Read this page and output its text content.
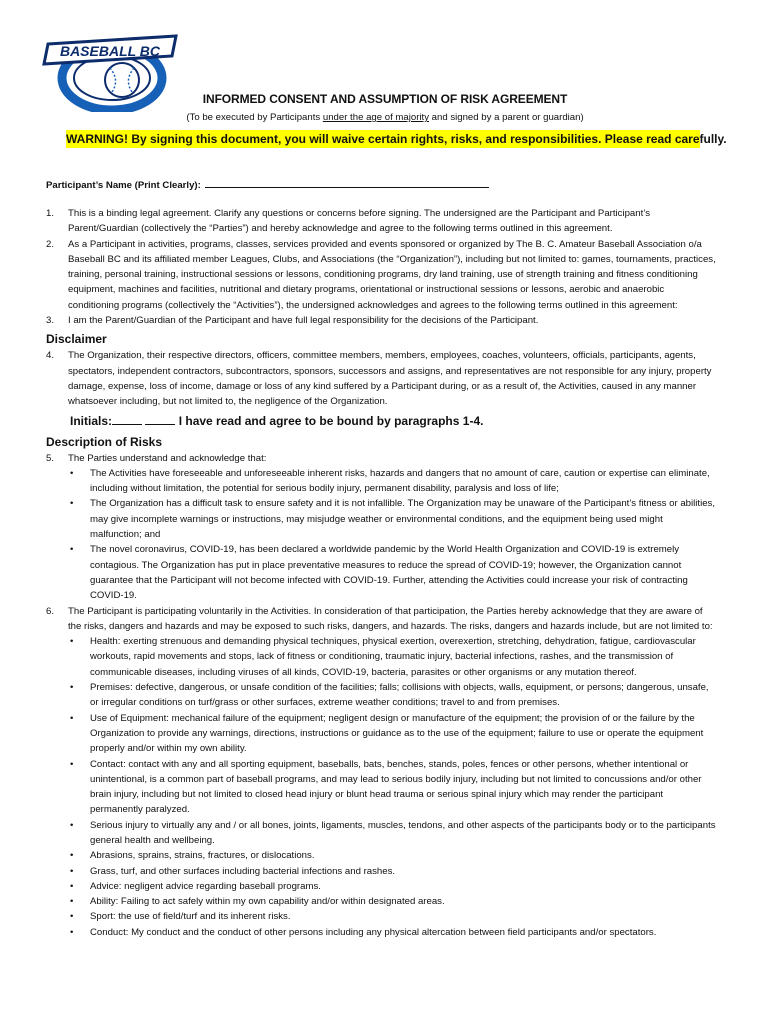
BASEBALL BC
INFORMED CONSENT AND ASSUMPTION OF RISK AGREEMENT
(To be executed by Participants under the age of majority and signed by a parent or guardian)
WARNING! By signing this document, you will waive certain rights, risks, and responsibilities. Please read carefully.
Participant’s Name (Print Clearly):
1. This is a binding legal agreement. Clarify any questions or concerns before signing. The undersigned are the Participant and Participant’s Parent/Guardian (collectively the “Parties”) and hereby acknowledge and agree to the following terms outlined in this agreement.

2. As a Participant in activities, programs, classes, services provided and events sponsored or organized by The B. C. Amateur Baseball Association o/a Baseball BC and its affiliated member Leagues, Clubs, and Associations (the “Organization”), including but not limited to: games, tournaments, practices, training, personal training, instructional sessions or lessons, conditioning programs, dry land training, use of strength training and fitness conditioning equipment, machines and facilities, nutritional and dietary programs, orientational or instructional sessions or lessons, aerobic and anaerobic conditioning programs (collectively the “Activities”), the undersigned acknowledges and agrees to the following terms outlined in this agreement:

3. I am the Parent/Guardian of the Participant and have full legal responsibility for the decisions of the Participant.

Disclaimer
4. The Organization, their respective directors, officers, committee members, members, employees, coaches, volunteers, officials, participants, agents, spectators, independent contractors, subcontractors, sponsors, successors and assigns, and representatives are not responsible for any injury, property damage, expense, loss of income, damage or loss of any kind suffered by a Participant during, or as a result of, the Activities, caused in any manner whatsoever including, but not limited to, the negligence of the Organization.

Initials:	I have read and agree to be bound by paragraphs 1-4.
Description of Risks
5. The Parties understand and acknowledge that:

• The Activities have foreseeable and unforeseeable inherent risks, hazards and dangers that no amount of care, caution or expertise can eliminate, including without limitation, the potential for serious bodily injury, permanent disability, paralysis and loss of life;
• The Organization has a difficult task to ensure safety and it is not infallible. The Organization may be unaware of the Participant’s fitness or abilities, may give incomplete warnings or instructions, may misjudge weather or environmental conditions, and the equipment being used might malfunction; and
• The novel coronavirus, COVID-19, has been declared a worldwide pandemic by the World Health Organization and COVID-19 is extremely contagious. The Organization has put in place preventative measures to reduce the spread of COVID-19; however, the Organization cannot guarantee that the Participant will not become infected with COVID-19. Further, attending the Activities could increase your risk of contracting COVID-19.
6. The Participant is participating voluntarily in the Activities. In consideration of that participation, the Parties hereby acknowledge that they are aware of the risks, dangers and hazards and may be exposed to such risks, dangers, and hazards. The risks, dangers and hazards include, but are not limited to:

• Health: exerting strenuous and demanding physical techniques, physical exertion, overexertion, stretching, dehydration, fatigue, cardiovascular workouts, rapid movements and stops, lack of fitness or conditioning, traumatic injury, bacterial infections, rashes, and the transmission of communicable diseases, including viruses of all kinds, COVID-19, bacteria, parasites or other organisms or any mutation thereof.
• Premises: defective, dangerous, or unsafe condition of the facilities; falls; collisions with objects, walls, equipment, or persons; dangerous, unsafe, or irregular conditions on turf/grass or other surfaces, extreme weather conditions; travel to and from premises.
• Use of Equipment: mechanical failure of the equipment; negligent design or manufacture of the equipment; the provision of or the failure by the Organization to provide any warnings, directions, instructions or guidance as to the use of the equipment; failure to use or operate the equipment properly and/or within my own ability.
• Contact: contact with any and all sporting equipment, baseballs, bats, benches, stands, poles, fences or other persons, whether intentional or unintentional, is a common part of baseball programs, and may lead to serious bodily injury, including but not limited to concussions and/or other brain injury, including but not limited to closed head injury or blunt head trauma or serious spinal injury which may render the participant permanently paralyzed.
• Serious injury to virtually any and / or all bones, joints, ligaments, muscles, tendons, and other aspects of the participants body or to the participants general health and wellbeing.
• Abrasions, sprains, strains, fractures, or dislocations.
• Grass, turf, and other surfaces including bacterial infections and rashes.
• Advice: negligent advice regarding baseball programs.
• Ability: Failing to act safely within my own capability and/or within designated areas.
• Sport: the use of field/turf and its inherent risks.
• Conduct: My conduct and the conduct of other persons including any physical altercation between field participants and/or spectators.
